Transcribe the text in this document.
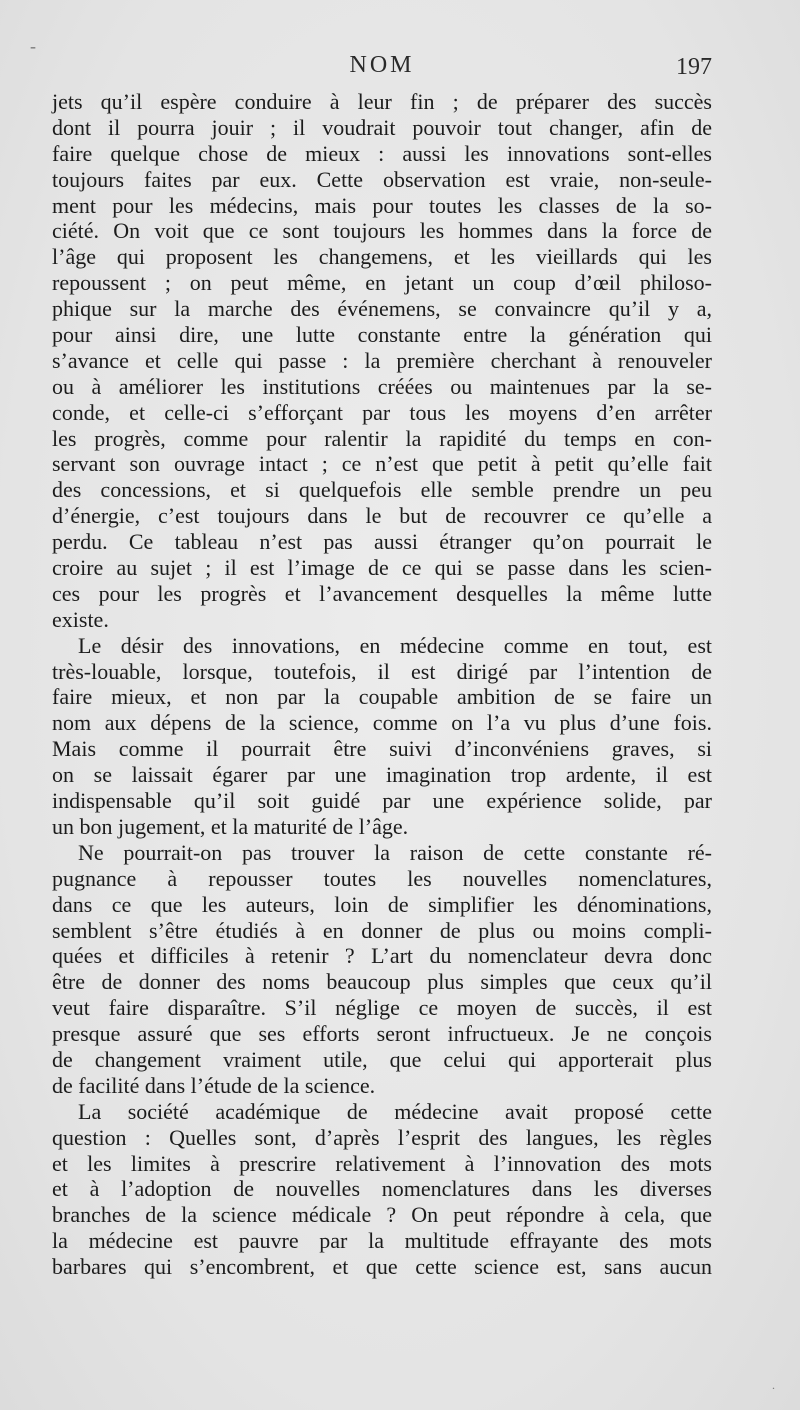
-
.
NOM	197
jets qu’il espère conduire à leur fin ; de préparer des succès
dont il pourra jouir ; il voudrait pouvoir tout changer, afin de
faire quelque chose de mieux : aussi les innovations sont-elles
toujours faites par eux. Cette observation est vraie, non-seule-
ment pour les médecins, mais pour toutes les classes de la so-
ciété. On voit que ce sont toujours les hommes dans la force de
l’âge qui proposent les changemens, et les vieillards qui les
repoussent ; on peut même, en jetant un coup d’œil philoso-
phique sur la marche des événemens, se convaincre qu’il y a,
pour ainsi dire, une lutte constante entre la génération qui
s’avance et celle qui passe : la première cherchant à renouveler
ou à améliorer les institutions créées ou maintenues par la se-
conde, et celle-ci s’efforçant par tous les moyens d’en arrêter
les progrès, comme pour ralentir la rapidité du temps en con-
servant son ouvrage intact ; ce n’est que petit à petit qu’elle fait
des concessions, et si quelquefois elle semble prendre un peu
d’énergie, c’est toujours dans le but de recouvrer ce qu’elle a
perdu. Ce tableau n’est pas aussi étranger qu’on pourrait le
croire au sujet ; il est l’image de ce qui se passe dans les scien-
ces pour les progrès et l’avancement desquelles la même lutte
existe.
Le désir des innovations, en médecine comme en tout, est
très-louable, lorsque, toutefois, il est dirigé par l’intention de
faire mieux, et non par la coupable ambition de se faire un
nom aux dépens de la science, comme on l’a vu plus d’une fois.
Mais comme il pourrait être suivi d’inconvéniens graves, si
on se laissait égarer par une imagination trop ardente, il est
indispensable qu’il soit guidé par une expérience solide, par
un bon jugement, et la maturité de l’âge.
Ne pourrait-on pas trouver la raison de cette constante ré-
pugnance à repousser toutes les nouvelles nomenclatures,
dans ce que les auteurs, loin de simplifier les dénominations,
semblent s’être étudiés à en donner de plus ou moins compli-
quées et difficiles à retenir ? L’art du nomenclateur devra donc
être de donner des noms beaucoup plus simples que ceux qu’il
veut faire disparaître. S’il néglige ce moyen de succès, il est
presque assuré que ses efforts seront infructueux. Je ne conçois
de changement vraiment utile, que celui qui apporterait plus
de facilité dans l’étude de la science.
La société académique de médecine avait proposé cette
question : Quelles sont, d’après l’esprit des langues, les règles
et les limites à prescrire relativement à l’innovation des mots
et à l’adoption de nouvelles nomenclatures dans les diverses
branches de la science médicale ? On peut répondre à cela, que
la médecine est pauvre par la multitude effrayante des mots
barbares qui s’encombrent, et que cette science est, sans aucun
